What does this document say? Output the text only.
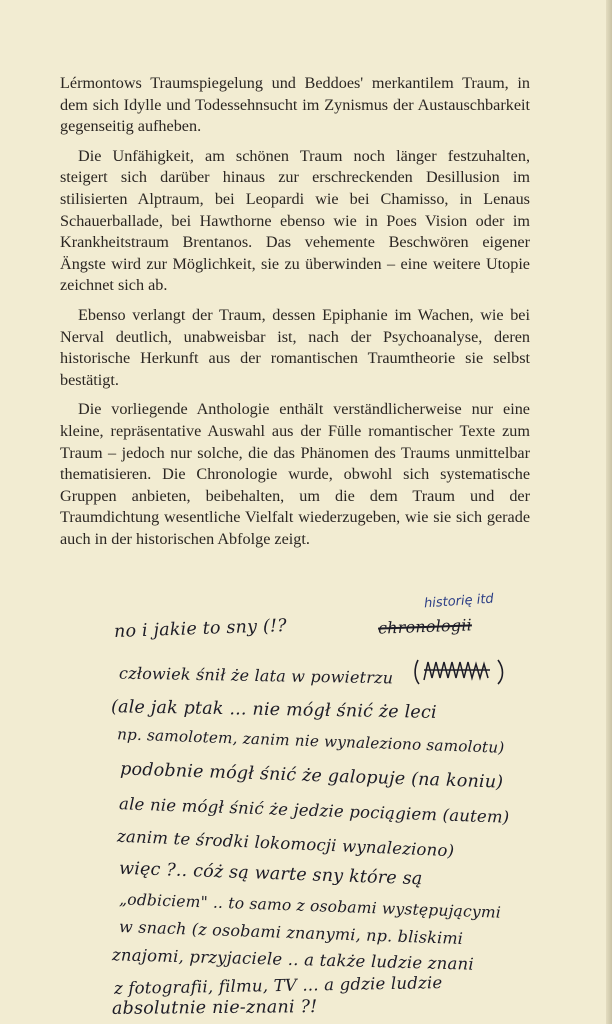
Lérmontows Traumspiegelung und Beddoes' merkantilem Traum, in dem sich Idylle und Todessehnsucht im Zynismus der Austauschbarkeit gegenseitig aufheben.

Die Unfähigkeit, am schönen Traum noch länger festzuhalten, steigert sich darüber hinaus zur erschreckenden Desillusion im stilisierten Alptraum, bei Leopardi wie bei Chamisso, in Lenaus Schauerballade, bei Hawthorne ebenso wie in Poes Vision oder im Krankheitstraum Brentanos. Das vehemente Beschwören eigener Ängste wird zur Möglichkeit, sie zu überwinden – eine weitere Utopie zeichnet sich ab.

Ebenso verlangt der Traum, dessen Epiphanie im Wachen, wie bei Nerval deutlich, unabweisbar ist, nach der Psychoanalyse, deren historische Herkunft aus der romantischen Traumtheorie sie selbst bestätigt.

Die vorliegende Anthologie enthält verständlicherweise nur eine kleine, repräsentative Auswahl aus der Fülle romantischer Texte zum Traum – jedoch nur solche, die das Phänomen des Traums unmittelbar thematisieren. Die Chronologie wurde, obwohl sich systematische Gruppen anbieten, beibehalten, um die dem Traum und der Traumdichtung wesentliche Vielfalt wiederzugeben, wie sie sich gerade auch in der historischen Abfolge zeigt.

historię itd
no i jakie to sny (!?	chronologii
człowiek śnił że lata w powietrzu
(ale jak ptak ... nie mógł śnić że leci
np. samolotem, zanim nie wynaleziono samolotu)
podobnie mógł śnić że galopuje (na koniu)
ale nie mógł śnić że jedzie pociągiem (autem)
zanim te środki lokomocji wynaleziono)
więc ?.. cóż są warte sny które są
„odbiciem" .. to samo z osobami występującymi
w snach (z osobami znanymi, np. bliskimi
znajomi, przyjaciele .. a także ludzie znani
z fotografii, filmu, TV ... a gdzie ludzie
absolutnie nie-znani ?!
